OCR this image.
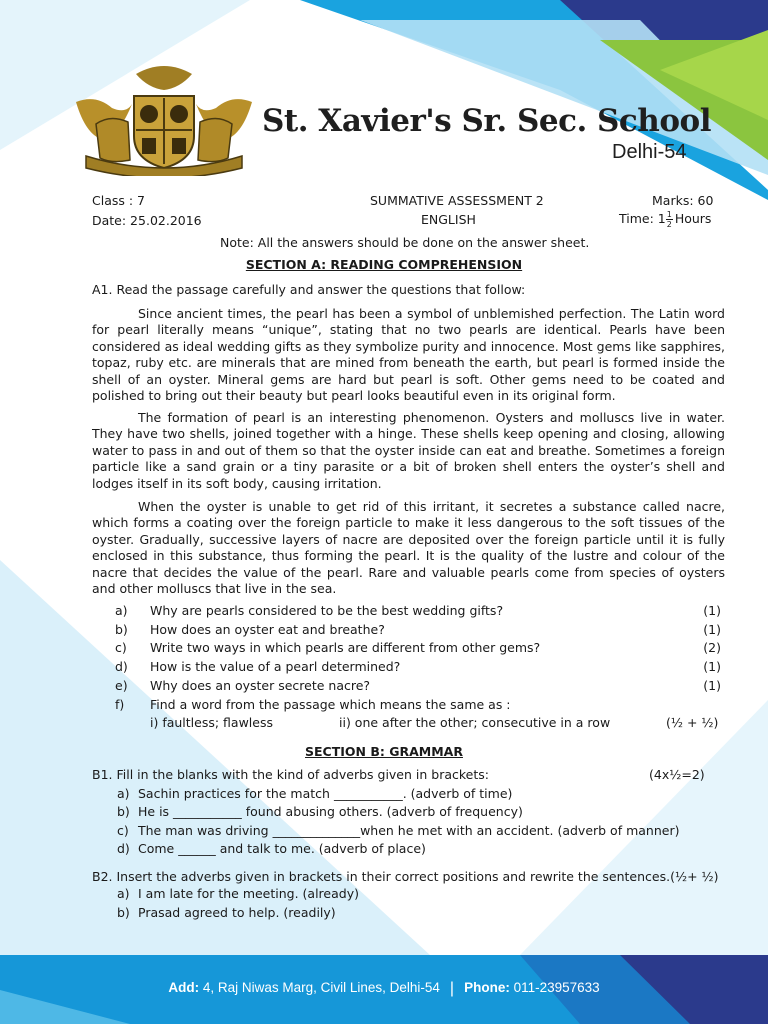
St. Xavier's Sr. Sec. School
Delhi-54
Class : 7	SUMMATIVE ASSESSMENT 2	Marks: 60
Date: 25.02.2016	ENGLISH	Time: $1 \frac{1}{2}$ Hours
Note: All the answers should be done on the answer sheet.
SECTION A: READING COMPREHENSION
A1. Read the passage carefully and answer the questions that follow:

Since ancient times, the pearl has been a symbol of unblemished perfection. The Latin word for pearl literally means “unique”, stating that no two pearls are identical. Pearls have been considered as ideal wedding gifts as they symbolize purity and innocence. Most gems like sapphires, topaz, ruby etc. are minerals that are mined from beneath the earth, but pearl is formed inside the shell of an oyster. Mineral gems are hard but pearl is soft. Other gems need to be coated and polished to bring out their beauty but pearl looks beautiful even in its original form.

The formation of pearl is an interesting phenomenon. Oysters and molluscs live in water. They have two shells, joined together with a hinge. These shells keep opening and closing, allowing water to pass in and out of them so that the oyster inside can eat and breathe. Sometimes a foreign particle like a sand grain or a tiny parasite or a bit of broken shell enters the oyster’s shell and lodges itself in its soft body, causing irritation.

When the oyster is unable to get rid of this irritant, it secretes a substance called nacre, which forms a coating over the foreign particle to make it less dangerous to the soft tissues of the oyster. Gradually, successive layers of nacre are deposited over the foreign particle until it is fully enclosed in this substance, thus forming the pearl. It is the quality of the lustre and colour of the nacre that decides the value of the pearl. Rare and valuable pearls come from species of oysters and other molluscs that live in the sea.

a) Why are pearls considered to be the best wedding gifts?	(1)
b) How does an oyster eat and breathe?	(1)
c) Write two ways in which pearls are different from other gems?	(2)
d) How is the value of a pearl determined?	(1)
e) Why does an oyster secrete nacre?	(1)
f) Find a word from the passage which means the same as :
i) faultless; flawless	ii) one after the other; consecutive in a row	(½ + ½)
SECTION B: GRAMMAR
B1. Fill in the blanks with the kind of adverbs given in brackets:	(4x½=2)
a) Sachin practices for the match ___________. (adverb of time)
b) He is ___________ found abusing others. (adverb of frequency)
c) The man was driving ______________when he met with an accident. (adverb of manner)
d) Come ______ and talk to me. (adverb of place)
B2. Insert the adverbs given in brackets in their correct positions and rewrite the sentences.(½+ ½)
a) I am late for the meeting. (already)
b) Prasad agreed to help. (readily)
Add: 4, Raj Niwas Marg, Civil Lines, Delhi-54 | Phone: 011-23957633
